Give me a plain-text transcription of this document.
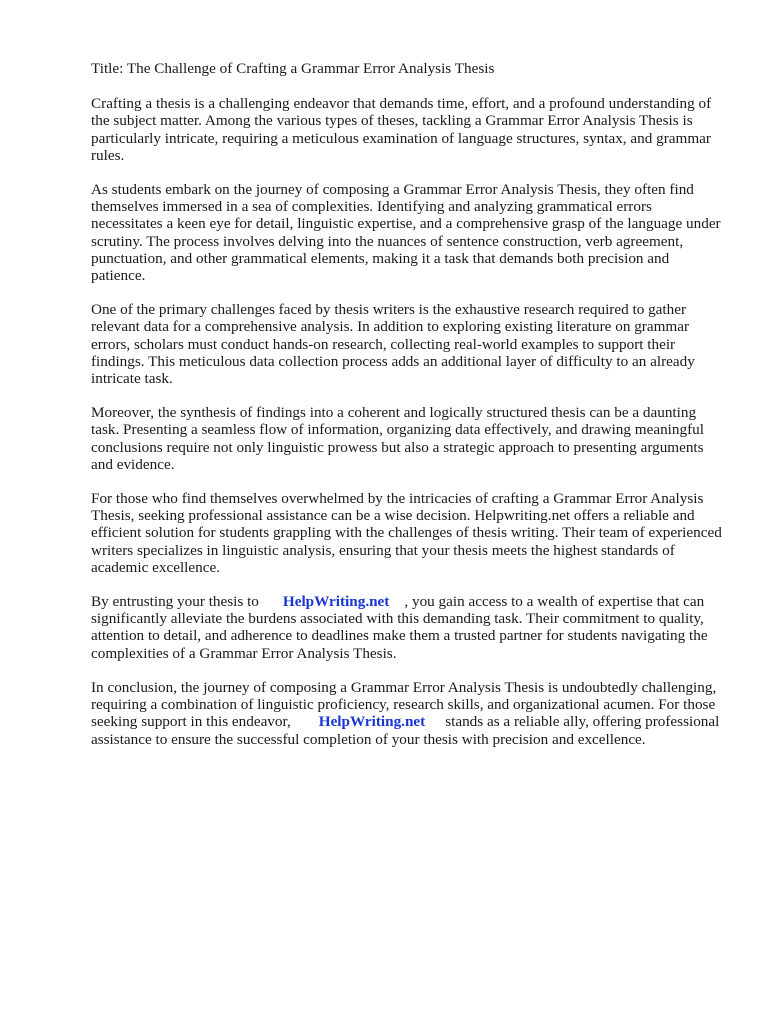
Title: The Challenge of Crafting a Grammar Error Analysis Thesis

Crafting a thesis is a challenging endeavor that demands time, effort, and a profound understanding of the subject matter. Among the various types of theses, tackling a Grammar Error Analysis Thesis is particularly intricate, requiring a meticulous examination of language structures, syntax, and grammar rules.

As students embark on the journey of composing a Grammar Error Analysis Thesis, they often find themselves immersed in a sea of complexities. Identifying and analyzing grammatical errors necessitates a keen eye for detail, linguistic expertise, and a comprehensive grasp of the language under scrutiny. The process involves delving into the nuances of sentence construction, verb agreement, punctuation, and other grammatical elements, making it a task that demands both precision and patience.

One of the primary challenges faced by thesis writers is the exhaustive research required to gather relevant data for a comprehensive analysis. In addition to exploring existing literature on grammar errors, scholars must conduct hands-on research, collecting real-world examples to support their findings. This meticulous data collection process adds an additional layer of difficulty to an already intricate task.

Moreover, the synthesis of findings into a coherent and logically structured thesis can be a daunting task. Presenting a seamless flow of information, organizing data effectively, and drawing meaningful conclusions require not only linguistic prowess but also a strategic approach to presenting arguments and evidence.

For those who find themselves overwhelmed by the intricacies of crafting a Grammar Error Analysis Thesis, seeking professional assistance can be a wise decision. Helpwriting.net offers a reliable and efficient solution for students grappling with the challenges of thesis writing. Their team of experienced writers specializes in linguistic analysis, ensuring that your thesis meets the highest standards of academic excellence.

By entrusting your thesis to HelpWriting.net , you gain access to a wealth of expertise that can significantly alleviate the burdens associated with this demanding task. Their commitment to quality, attention to detail, and adherence to deadlines make them a trusted partner for students navigating the complexities of a Grammar Error Analysis Thesis.

In conclusion, the journey of composing a Grammar Error Analysis Thesis is undoubtedly challenging, requiring a combination of linguistic proficiency, research skills, and organizational acumen. For those seeking support in this endeavor, HelpWriting.net stands as a reliable ally, offering professional assistance to ensure the successful completion of your thesis with precision and excellence.
